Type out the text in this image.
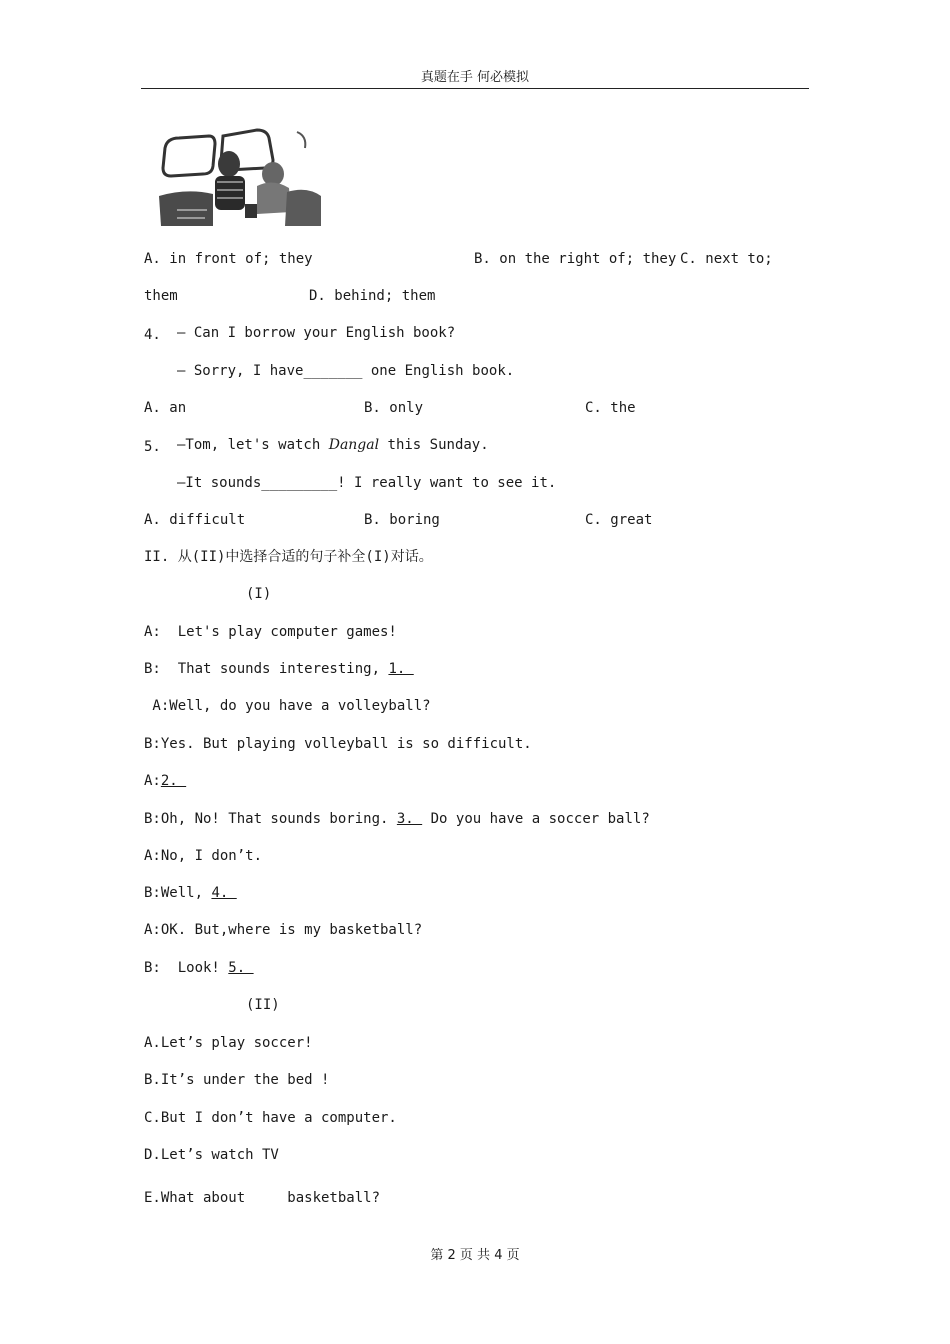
真题在手 何必模拟
A. in front of; they	B. on the right of; they C. next to;
them	D. behind; them
4. — Can I borrow your English book?
— Sorry, I have_______ one English book.
A. an	B. only	C. the
5. —Tom, let's watch Dangal this Sunday.
—It sounds_________! I really want to see it.
A. difficult	B. boring	C. great
II. 从(II)中选择合适的句子补全(I)对话。
(I)
A:  Let's play computer games!
B:  That sounds interesting, 1.
A:Well, do you have a volleyball?
B:Yes. But playing volleyball is so difficult.
A:2.
B:Oh, No! That sounds boring. 3.  Do you have a soccer ball?
A:No, I don’t.
B:Well, 4.
A:OK. But,where is my basketball?
B:  Look! 5.
(II)
A.Let’s play soccer!
B.It’s under the bed !
C.But I don’t have a computer.
D.Let’s watch TV
E.What about     basketball?
第 2 页 共 4 页
